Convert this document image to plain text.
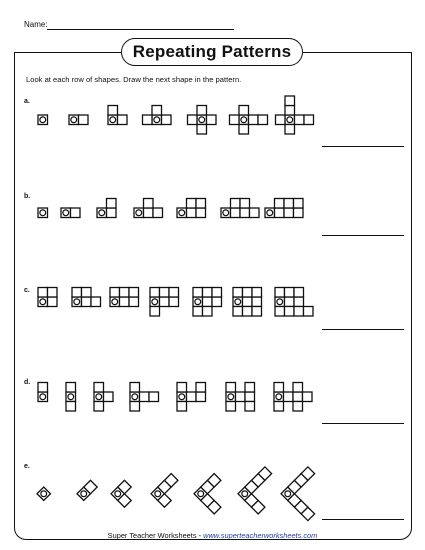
Name:
Repeating Patterns
Look at each row of shapes. Draw the next shape in the pattern.
a.
b.
c.
d.
e.
Super Teacher Worksheets - www.superteacherworksheets.com
